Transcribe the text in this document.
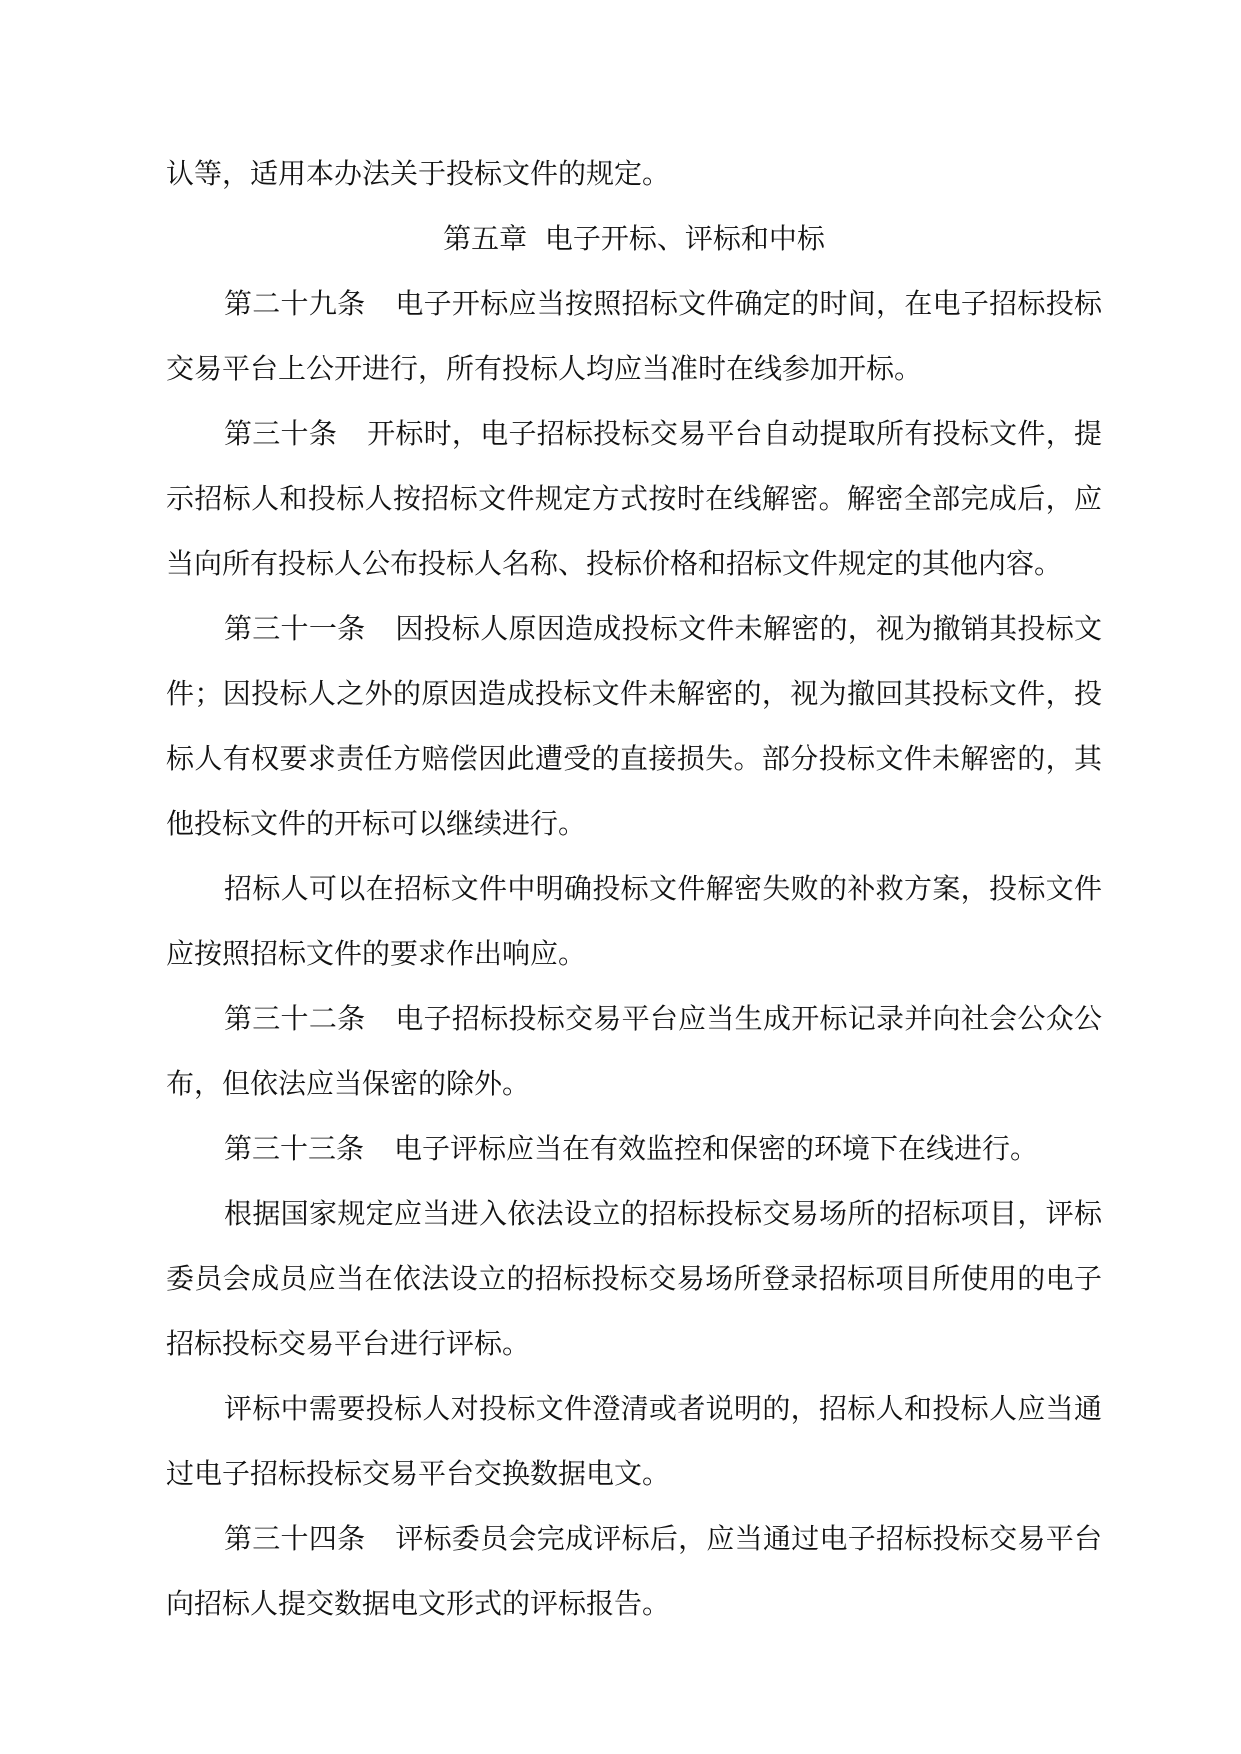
认等，适用本办法关于投标文件的规定。

第五章  电子开标、评标和中标

第二十九条 电子开标应当按照招标文件确定的时间，在电子招标投标交易平台上公开进行，所有投标人均应当准时在线参加开标。

第三十条 开标时，电子招标投标交易平台自动提取所有投标文件，提示招标人和投标人按招标文件规定方式按时在线解密。解密全部完成后，应当向所有投标人公布投标人名称、投标价格和招标文件规定的其他内容。

第三十一条 因投标人原因造成投标文件未解密的，视为撤销其投标文件；因投标人之外的原因造成投标文件未解密的，视为撤回其投标文件，投标人有权要求责任方赔偿因此遭受的直接损失。部分投标文件未解密的，其他投标文件的开标可以继续进行。

招标人可以在招标文件中明确投标文件解密失败的补救方案，投标文件应按照招标文件的要求作出响应。

第三十二条 电子招标投标交易平台应当生成开标记录并向社会公众公布，但依法应当保密的除外。

第三十三条 电子评标应当在有效监控和保密的环境下在线进行。

根据国家规定应当进入依法设立的招标投标交易场所的招标项目，评标委员会成员应当在依法设立的招标投标交易场所登录招标项目所使用的电子招标投标交易平台进行评标。

评标中需要投标人对投标文件澄清或者说明的，招标人和投标人应当通过电子招标投标交易平台交换数据电文。

第三十四条 评标委员会完成评标后，应当通过电子招标投标交易平台向招标人提交数据电文形式的评标报告。
